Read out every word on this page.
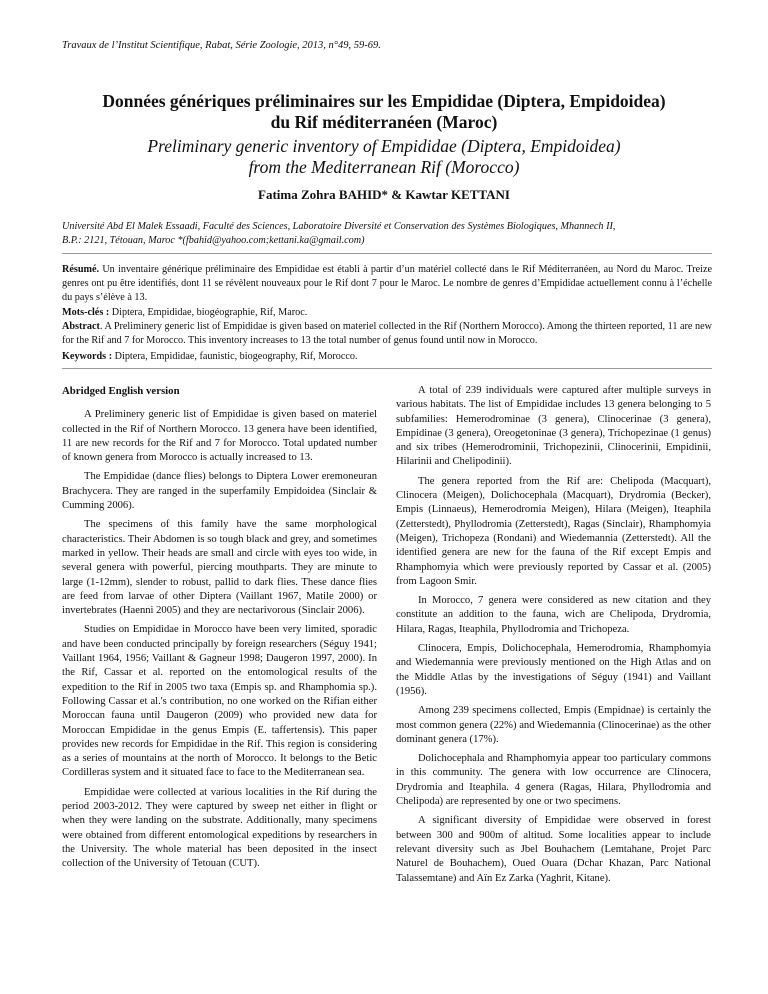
Travaux de l’Institut Scientifique, Rabat, Série Zoologie, 2013, n°49, 59-69.
Données génériques préliminaires sur les Empididae (Diptera, Empidoidea)
du Rif méditerranéen (Maroc)
Preliminary generic inventory of Empididae (Diptera, Empidoidea)
from the Mediterranean Rif (Morocco)
Fatima Zohra BAHID* & Kawtar KETTANI
Université Abd El Malek Essaadi, Faculté des Sciences, Laboratoire Diversité et Conservation des Systèmes Biologiques, Mhannech II,
B.P.: 2121, Tétouan, Maroc *(fbahid@yahoo.com;kettani.ka@gmail.com)
Résumé. Un inventaire générique préliminaire des Empididae est établi à partir d’un matériel collecté dans le Rif Méditerranéen, au Nord du Maroc. Treize genres ont pu être identifiés, dont 11 se révèlent nouveaux pour le Rif dont 7 pour le Maroc. Le nombre de genres d’Empididae actuellement connu à l’échelle du pays s’élève à 13.
Mots-clés : Diptera, Empididae, biogéographie, Rif, Maroc.
Abstract. A Preliminery generic list of Empididae is given based on materiel collected in the Rif (Northern Morocco). Among the thirteen reported, 11 are new for the Rif and 7 for Morocco. This inventory increases to 13 the total number of genus found until now in Morocco.
Keywords : Diptera, Empididae, faunistic, biogeography, Rif, Morocco.
Abridged English version

A Preliminery generic list of Empididae is given based on materiel collected in the Rif of Northern Morocco. 13 genera have been identified, 11 are new records for the Rif and 7 for Morocco. Total updated number of known genera from Morocco is actually increased to 13.

The Empididae (dance flies) belongs to Diptera Lower eremoneuran Brachycera. They are ranged in the superfamily Empidoidea (Sinclair & Cumming 2006).

The specimens of this family have the same morphological characteristics. Their Abdomen is so tough black and grey, and sometimes marked in yellow. Their heads are small and circle with eyes too wide, in several genera with powerful, piercing mouthparts. They are minute to large (1-12mm), slender to robust, pallid to dark flies. These dance flies are feed from larvae of other Diptera (Vaillant 1967, Matile 2000) or invertebrates (Haenni 2005) and they are nectarivorous (Sinclair 2006).

Studies on Empididae in Morocco have been very limited, sporadic and have been conducted principally by foreign researchers (Séguy 1941; Vaillant 1964, 1956; Vaillant & Gagneur 1998; Daugeron 1997, 2000). In the Rif, Cassar et al. reported on the entomological results of the expedition to the Rif in 2005 two taxa (Empis sp. and Rhamphomia sp.). Following Cassar et al.'s contribution, no one worked on the Rifian either Moroccan fauna until Daugeron (2009) who provided new data for Moroccan Empididae in the genus Empis (E. taffertensis). This paper provides new records for Empididae in the Rif. This region is considering as a series of mountains at the north of Morocco. It belongs to the Betic Cordilleras system and it situated face to face to the Mediterranean sea.

Empididae were collected at various localities in the Rif during the period 2003-2012. They were captured by sweep net either in flight or when they were landing on the substrate. Additionally, many specimens were obtained from different entomological expeditions by researchers in the University. The whole material has been deposited in the insect collection of the University of Tetouan (CUT).

A total of 239 individuals were captured after multiple surveys in various habitats. The list of Empididae includes 13 genera belonging to 5 subfamilies: Hemerodrominae (3 genera), Clinocerinae (3 genera), Empidinae (3 genera), Oreogetoninae (3 genera), Trichopezinae (1 genus) and six tribes (Hemerodrominii, Trichopezinii, Clinocerinii, Empidinii, Hilarinii and Chelipodinii).

The genera reported from the Rif are: Chelipoda (Macquart), Clinocera (Meigen), Dolichocephala (Macquart), Drydromia (Becker), Empis (Linnaeus), Hemerodromia Meigen), Hilara (Meigen), Iteaphila (Zetterstedt), Phyllodromia (Zetterstedt), Ragas (Sinclair), Rhamphomyia (Meigen), Trichopeza (Rondani) and Wiedemannia (Zetterstedt). All the identified genera are new for the fauna of the Rif except Empis and Rhamphomyia which were previously reported by Cassar et al. (2005) from Lagoon Smir.

In Morocco, 7 genera were considered as new citation and they constitute an addition to the fauna, wich are Chelipoda, Drydromia, Hilara, Ragas, Iteaphila, Phyllodromia and Trichopeza.

Clinocera, Empis, Dolichocephala, Hemerodromia, Rhamphomyia and Wiedemannia were previously mentioned on the High Atlas and on the Middle Atlas by the investigations of Séguy (1941) and Vaillant (1956).

Among 239 specimens collected, Empis (Empidnae) is certainly the most common genera (22%) and Wiedemannia (Clinocerinae) as the other dominant genera (17%).

Dolichocephala and Rhamphomyia appear too particulary commons in this community. The genera with low occurrence are Clinocera, Drydromia and Iteaphila. 4 genera (Ragas, Hilara, Phyllodromia and Chelipoda) are represented by one or two specimens.

A significant diversity of Empididae were observed in forest between 300 and 900m of altitud. Some localities appear to include relevant diversity such as Jbel Bouhachem (Lemtahane, Projet Parc Naturel de Bouhachem), Oued Ouara (Dchar Khazan, Parc National Talassemtane) and Aïn Ez Zarka (Yaghrit, Kitane).
